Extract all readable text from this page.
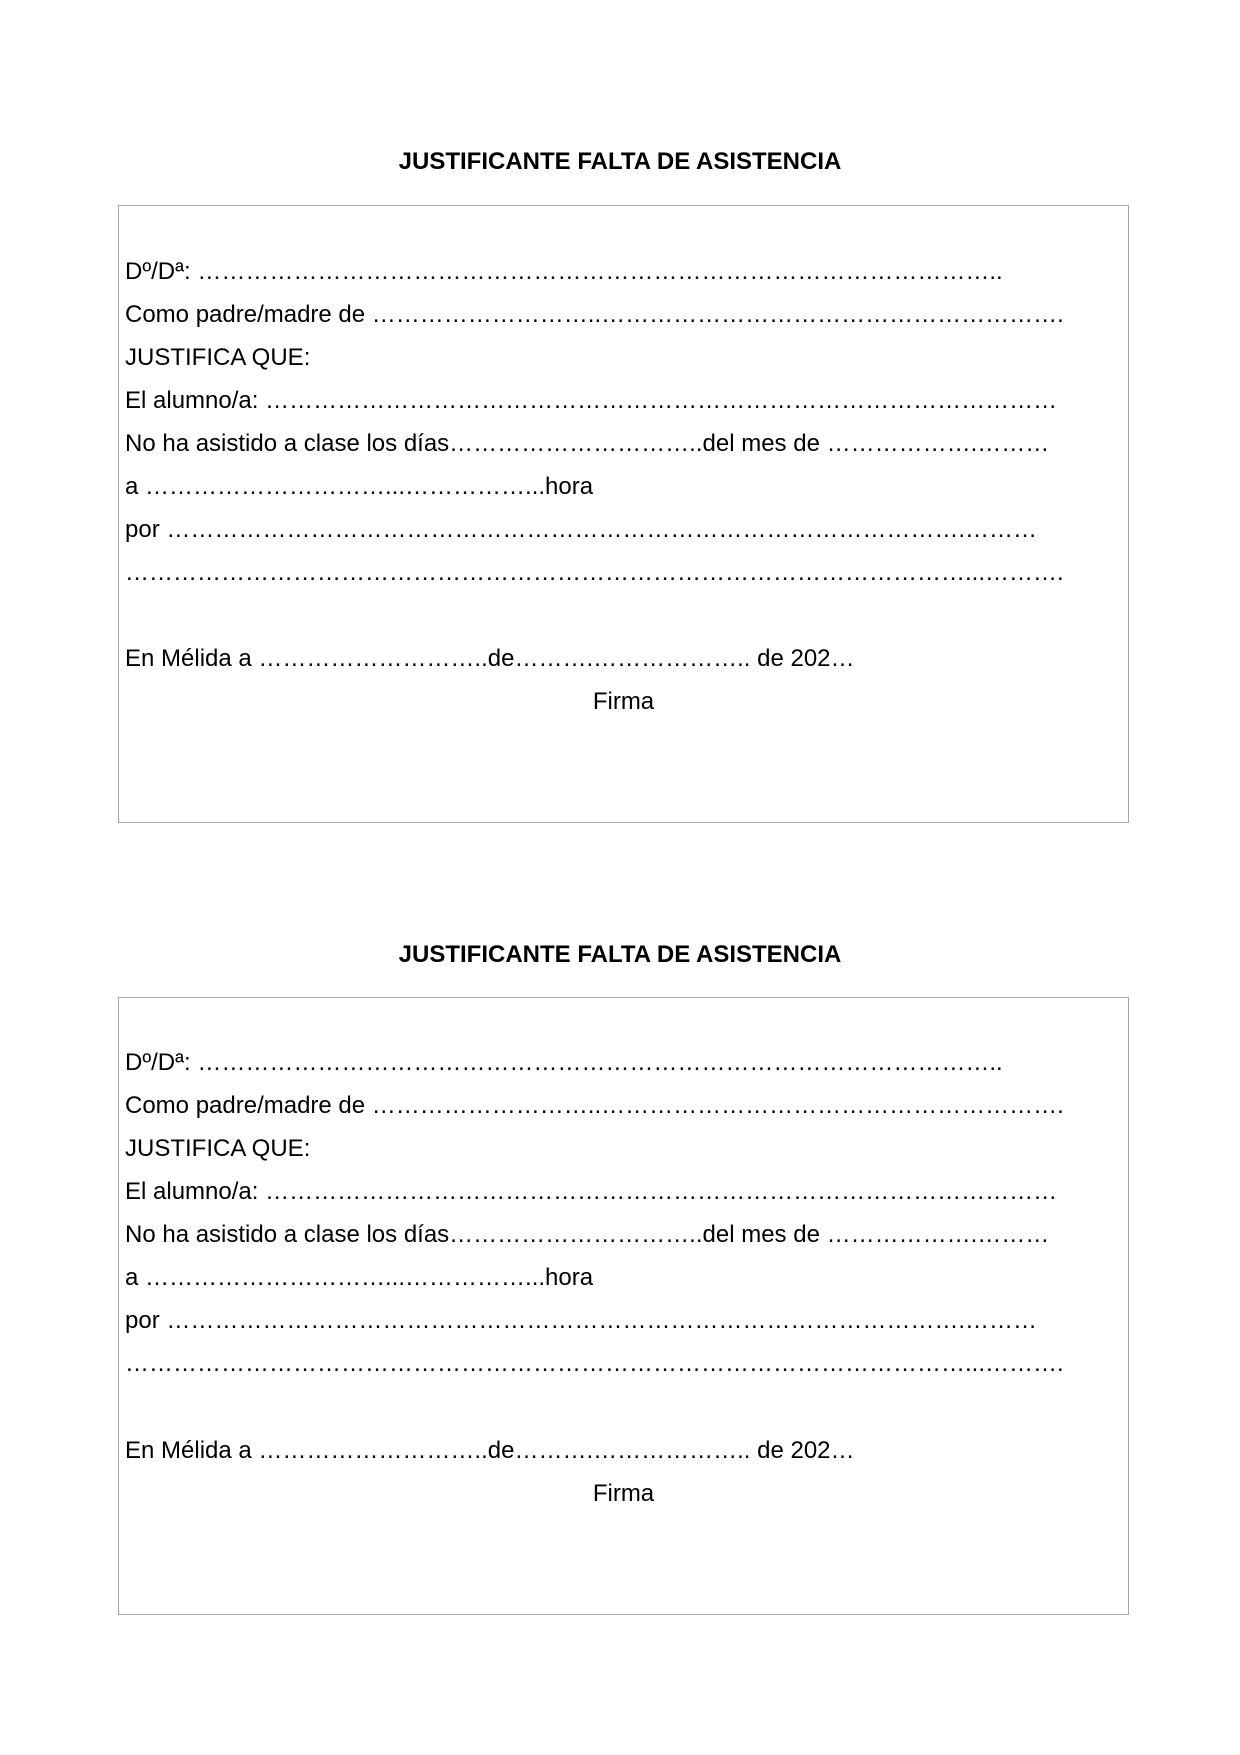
JUSTIFICANTE FALTA DE ASISTENCIA
Dº/Dª: ………………………………………………………………………………………..
Como padre/madre de ………………………..………………………………………………….
JUSTIFICA QUE:
El alumno/a: ………………………………………………………………………………………
No ha asistido a clase los días…………………………..del mes de ……………….………
a …………………………...……………...hora
por ……………………………………………………………………………………….………
……………………………………………………………………………………………...……….
En Mélida a ………………………..de……….……………….. de 202…
Firma
JUSTIFICANTE FALTA DE ASISTENCIA
Dº/Dª: ………………………………………………………………………………………..
Como padre/madre de ………………………..………………………………………………….
JUSTIFICA QUE:
El alumno/a: ………………………………………………………………………………………
No ha asistido a clase los días…………………………..del mes de ……………….………
a …………………………...……………...hora
por ……………………………………………………………………………………….………
……………………………………………………………………………………………...……….
En Mélida a ………………………..de……….……………….. de 202…
Firma
